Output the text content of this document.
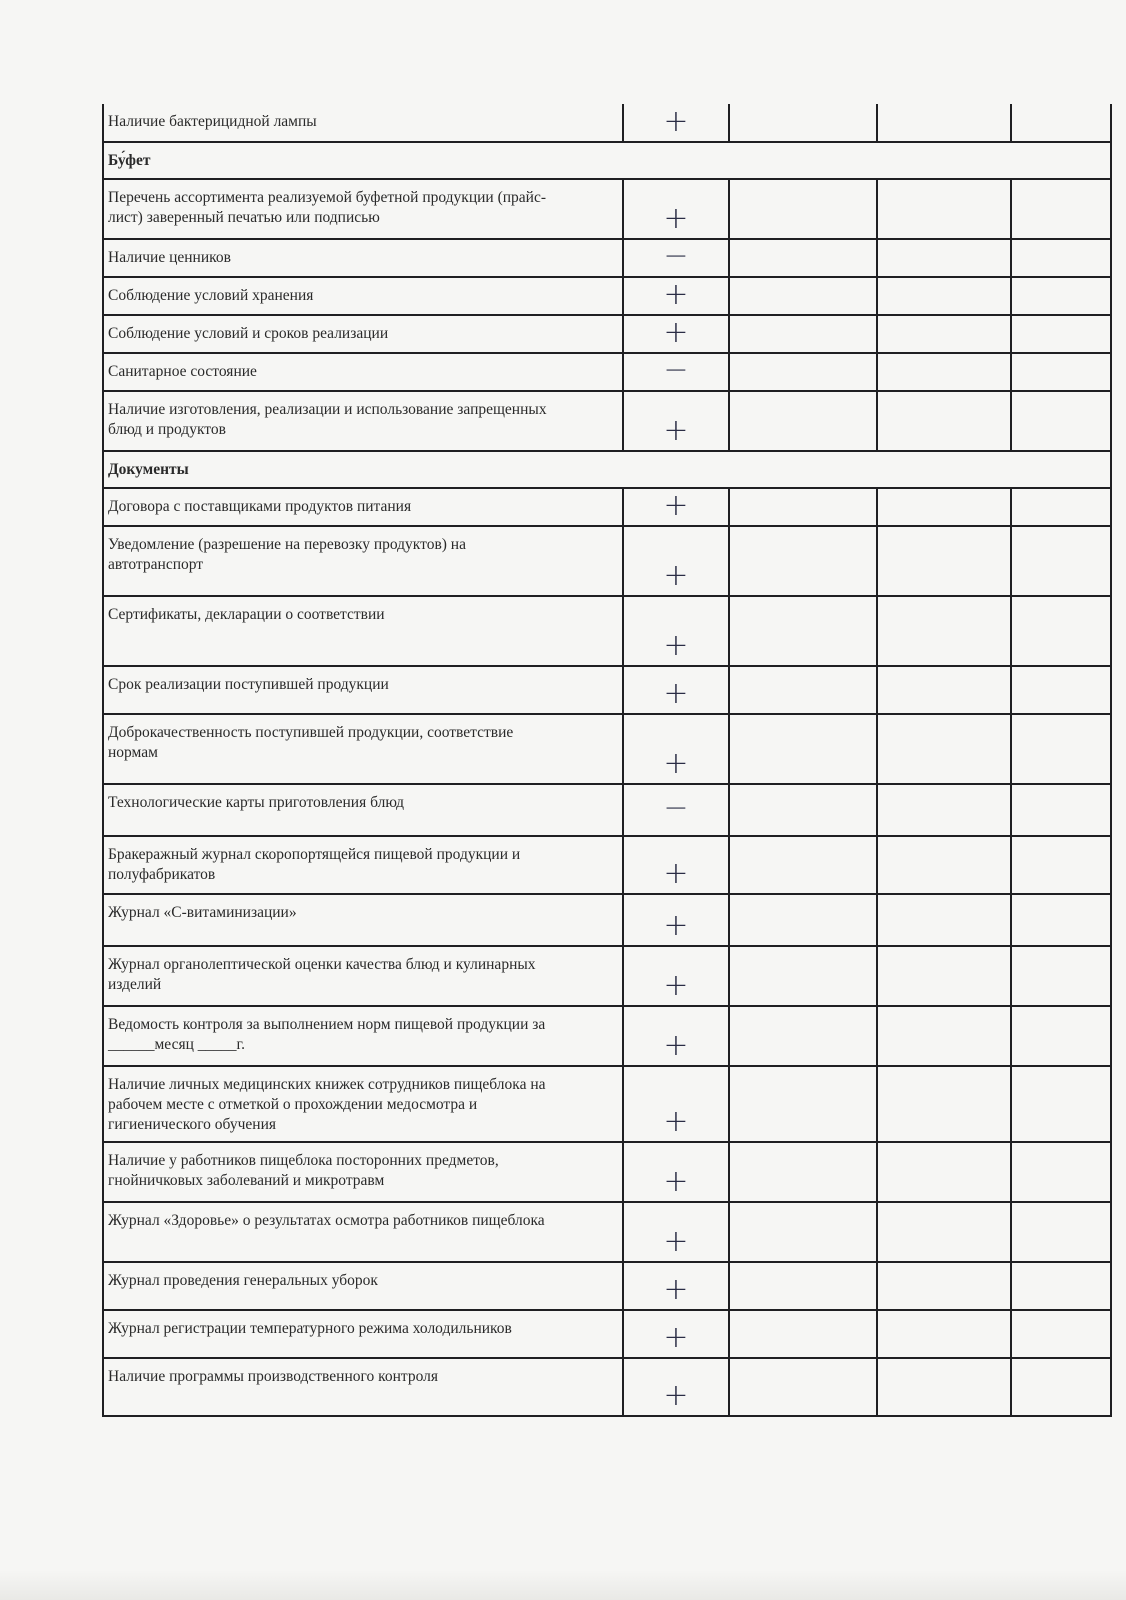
Наличие бактерицидной лампы	+			

Бу́фет				

Перечень ассортимента реализуемой буфетной продукции (прайс-
лист) заверенный печатью или подписью	+			

Наличие ценников	−			

Соблюдение условий хранения	+			

Соблюдение условий и сроков реализации	+			

Санитарное состояние	−			

Наличие изготовления, реализации и использование запрещенных
блюд и продуктов	+			

Документы				

Договора с поставщиками продуктов питания	+			

Уведомление (разрешение на перевозку продуктов) на
автотранспорт	+			

Сертификаты, декларации о соответствии	+			

Срок реализации поступившей продукции	+			

Доброкачественность поступившей продукции, соответствие
нормам	+			

Технологические карты приготовления блюд	−			

Бракеражный журнал скоропортящейся пищевой продукции и
полуфабрикатов	+			

Журнал «С-витаминизации»	+			

Журнал органолептической оценки качества блюд и кулинарных
изделий	+			

Ведомость контроля за выполнением норм пищевой продукции за
______месяц _____г.	+			

Наличие личных медицинских книжек сотрудников пищеблока на
рабочем месте с отметкой о прохождении медосмотра и
гигиенического обучения	+			

Наличие у работников пищеблока посторонних предметов,
гнойничковых заболеваний и микротравм	+			

Журнал «Здоровье» о результатах осмотра работников пищеблока	+			

Журнал проведения генеральных уборок	+			

Журнал регистрации температурного режима холодильников	+			

Наличие программы производственного контроля	+			
